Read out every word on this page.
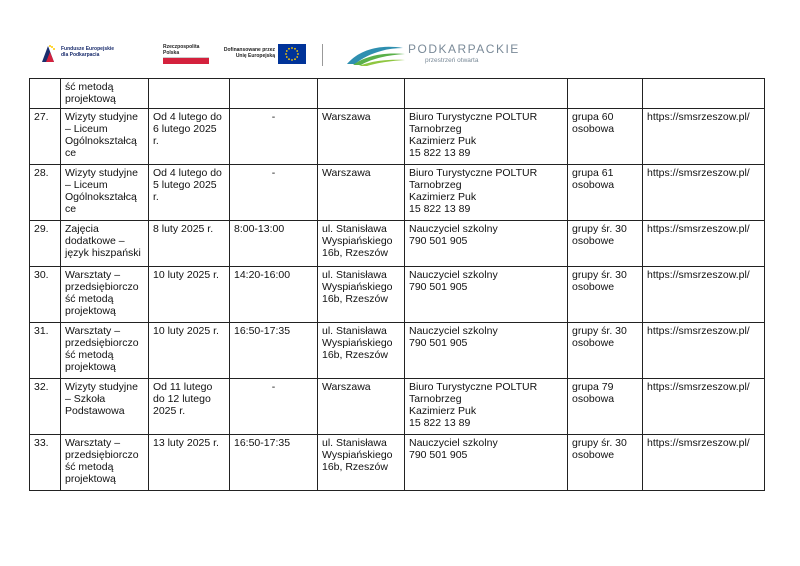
Fundusze Europejskie
dla Podkarpacia
Rzeczpospolita
Polska	Dofinansowane przez
Unię Europejską	PODKARPACKIE
przestrzeń otwarta
	ść metodą
projektową						
27.	Wizyty studyjne
– Liceum
Ogólnokształcą
ce	Od 4 lutego do
6 lutego 2025
r.	-	Warszawa	Biuro Turystyczne POLTUR
Tarnobrzeg
Kazimierz Puk
15 822 13 89	grupa 60
osobowa	https://smsrzeszow.pl/
28.	Wizyty studyjne
– Liceum
Ogólnokształcą
ce	Od 4 lutego do
5 lutego 2025
r.	-	Warszawa	Biuro Turystyczne POLTUR
Tarnobrzeg
Kazimierz Puk
15 822 13 89	grupa 61
osobowa	https://smsrzeszow.pl/
29.	Zajęcia
dodatkowe –
język hiszpański	8 luty 2025 r.	8:00-13:00	ul. Stanisława
Wyspiańskiego
16b, Rzeszów	Nauczyciel szkolny
790 501 905	grupy śr. 30
osobowe	https://smsrzeszow.pl/
30.	Warsztaty –
przedsiębiorczo
ść metodą
projektową	10 luty 2025 r.	14:20-16:00	ul. Stanisława
Wyspiańskiego
16b, Rzeszów	Nauczyciel szkolny
790 501 905	grupy śr. 30
osobowe	https://smsrzeszow.pl/
31.	Warsztaty –
przedsiębiorczo
ść metodą
projektową	10 luty 2025 r.	16:50-17:35	ul. Stanisława
Wyspiańskiego
16b, Rzeszów	Nauczyciel szkolny
790 501 905	grupy śr. 30
osobowe	https://smsrzeszow.pl/
32.	Wizyty studyjne
– Szkoła
Podstawowa	Od 11 lutego
do 12 lutego
2025 r.	-	Warszawa	Biuro Turystyczne POLTUR
Tarnobrzeg
Kazimierz Puk
15 822 13 89	grupa 79
osobowa	https://smsrzeszow.pl/
33.	Warsztaty –
przedsiębiorczo
ść metodą
projektową	13 luty 2025 r.	16:50-17:35	ul. Stanisława
Wyspiańskiego
16b, Rzeszów	Nauczyciel szkolny
790 501 905	grupy śr. 30
osobowe	https://smsrzeszow.pl/
